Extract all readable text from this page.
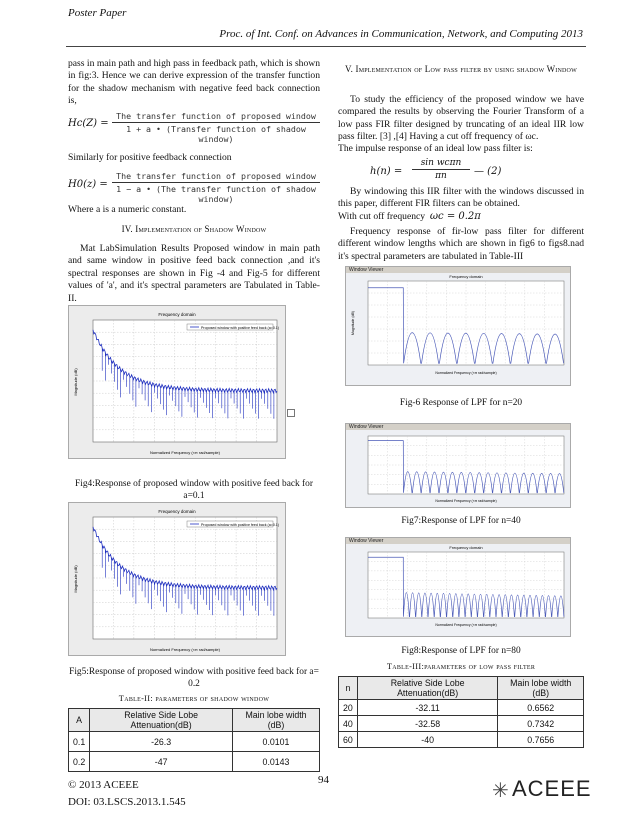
Poster Paper
Proc. of Int. Conf. on Advances in Communication, Network, and Computing 2013

pass in main path and high pass in feedback path, which is shown in fig:3. Hence we can derive expression of the transfer function for the shadow mechanism with negative feed back connection is,

Hc(Z) =
The transfer function of proposed window
1 + a • (Transfer function of shadow window)

Similarly for positive feedback connection

H0(z) =
The transfer function of proposed window
1 − a • (The transfer function of shadow window)

Where a is a numeric constant.

IV. Implementation of Shadow Window

Mat LabSimulation Results Proposed window in main path and same window in positive feed back connection ,and it's spectral responses are shown in Fig -4 and Fig-5 for different values of 'a', and it's spectral parameters are Tabulated in Table-II.

Proposed window with positive feed back (a=0.1)
Frequency domain
Normalized Frequency (×π rad/sample)
Magnitude (dB)
Fig4:Response of proposed window with positive feed back for a=0.1
Proposed window with positive feed back (a=0.1)
Frequency domain
Normalized Frequency (×π rad/sample)
Magnitude (dB)
Fig5:Response of proposed window with positive feed back for a= 0.2
Table-II: parameters of shadow window
A	Relative Side Lobe Attenuation(dB)	Main lobe width (dB)
0.1	-26.3	0.0101
0.2	-47	0.0143
V. Implementation of Low pass filter by using shadow Window

To study the efficiency of the proposed window we have compared the results by observing the Fourier Transform of a low pass FIR filter designed by truncating of an ideal IIR low pass filter. [3] ,[4] Having a cut off frequency of ωc.

The impulse response of an ideal low pass filter is:

h(n) =
sin wcπn
πn	— (2)

By windowing this IIR filter with the windows discussed in this paper, different FIR filters can be obtained.

With cut off frequency ωc = 0.2π

Frequency response of fir-low pass filter for different different window lengths which are shown in fig6 to figs8.nad it's spectral parameters are tabulated in Table-III

Window Viewer
Frequency domain
Normalized Frequency (×π rad/sample)
Magnitude (dB)
Fig-6 Response of LPF for n=20
Window Viewer
Normalized Frequency (×π rad/sample)
Fig7:Response of LPF for n=40
Window Viewer
Frequency domain
Normalized Frequency (×π rad/sample)
Fig8:Response of LPF for n=80
Table-III:parameters of low pass filter
n	Relative Side Lobe Attenuation(dB)	Main lobe width (dB)
20	-32.11	0.6562
40	-32.58	0.7342
60	-40	0.7656
© 2013 ACEEE
DOI: 03.LSCS.2013.1.545
94	✳ ACEEE
